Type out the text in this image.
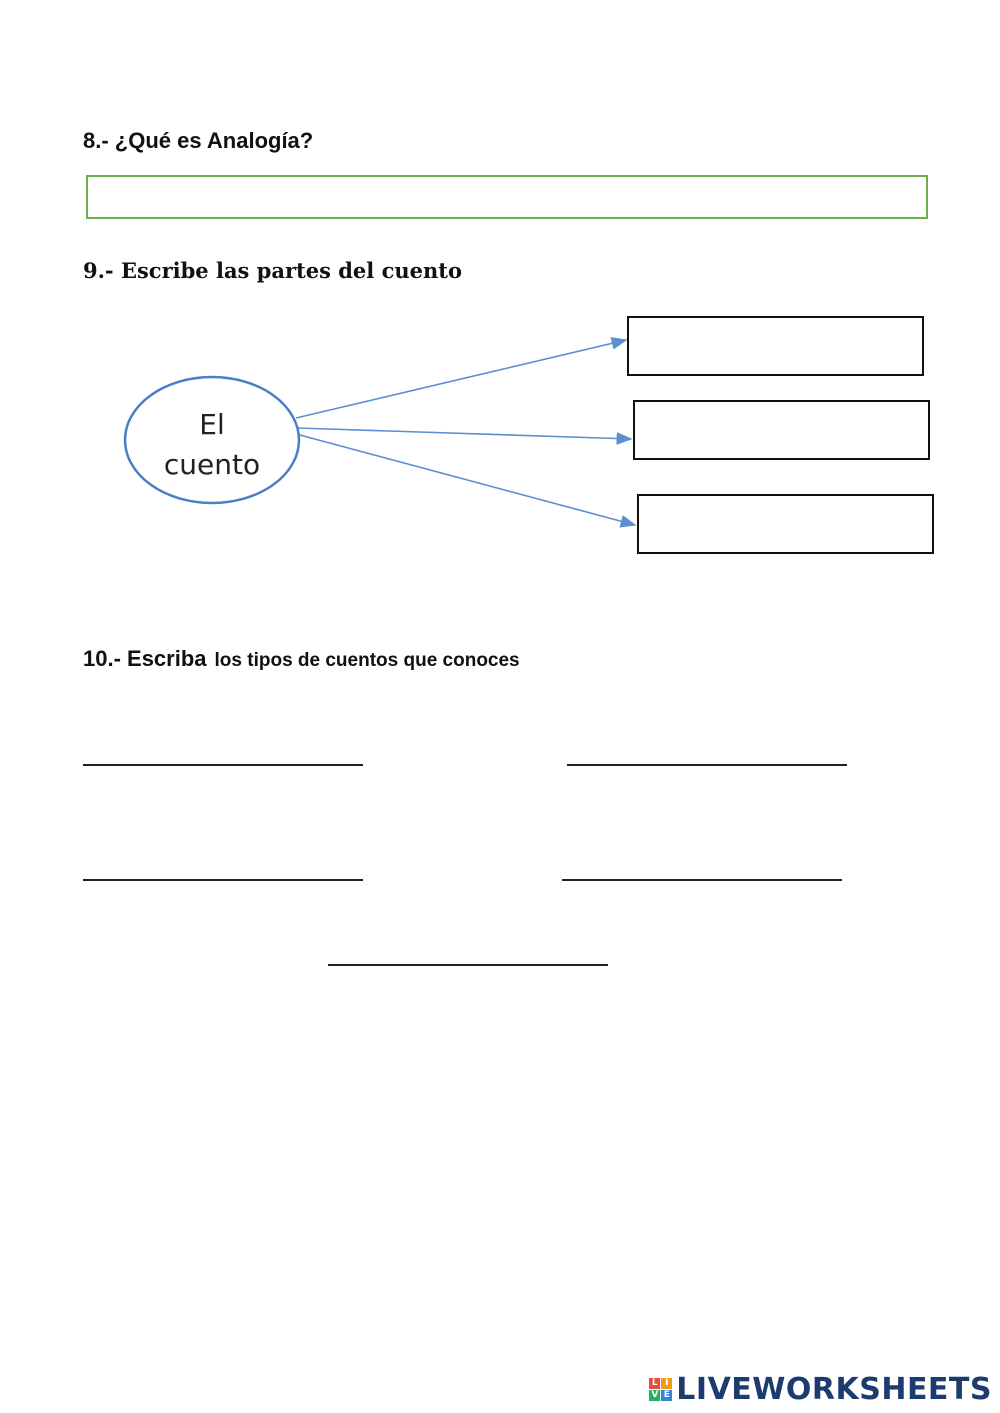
8.- ¿Qué es Analogía?
9.- Escribe las partes del cuento
El
cuento
10.- Escriba los tipos de cuentos que conoces
L I
V E LIVEWORKSHEETS
